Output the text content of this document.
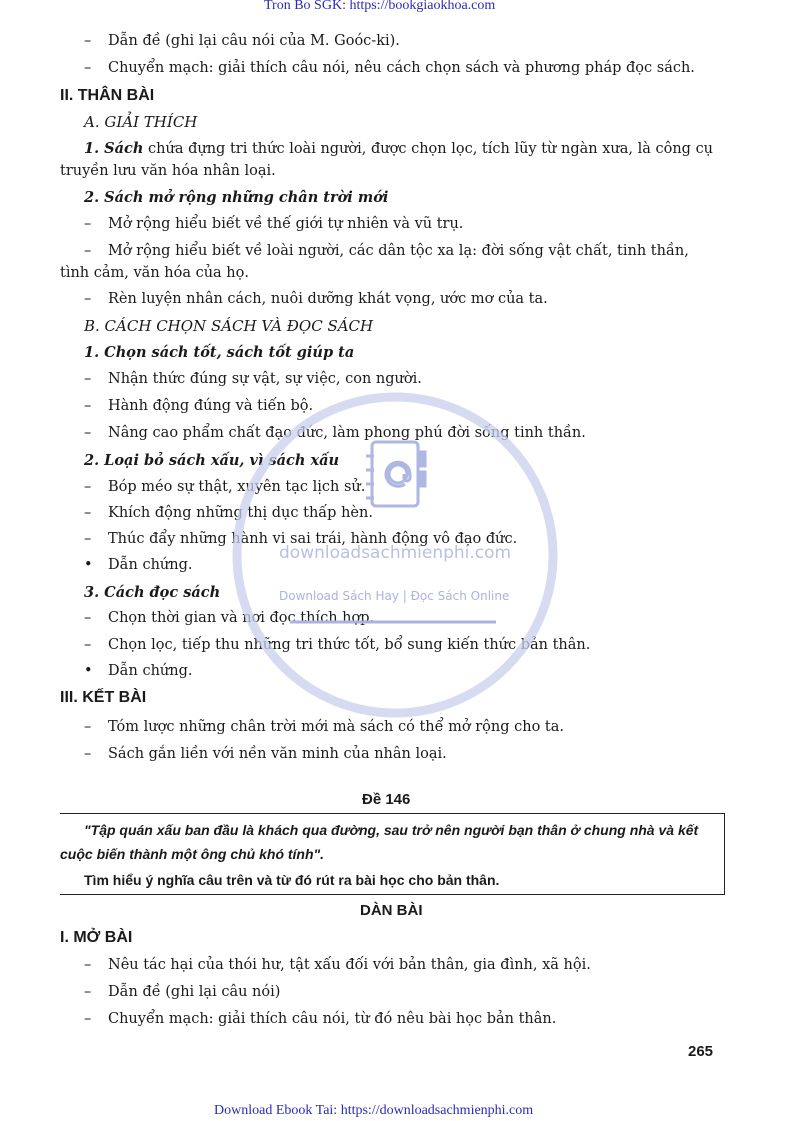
Tron Bo SGK: https://bookgiaokhoa.com
– Dẫn đề (ghi lại câu nói của M. Goóc-ki).
– Chuyển mạch: giải thích câu nói, nêu cách chọn sách và phương pháp đọc sách.
II. THÂN BÀI
A. GIẢI THÍCH
1. Sách chứa đựng tri thức loài người, được chọn lọc, tích lũy từ ngàn xưa, là công cụ
truyền lưu văn hóa nhân loại.
2. Sách mở rộng những chân trời mới
– Mở rộng hiểu biết về thế giới tự nhiên và vũ trụ.
– Mở rộng hiểu biết về loài người, các dân tộc xa lạ: đời sống vật chất, tinh thần,
tình cảm, văn hóa của họ.
– Rèn luyện nhân cách, nuôi dưỡng khát vọng, ước mơ của ta.
B. CÁCH CHỌN SÁCH VÀ ĐỌC SÁCH
1. Chọn sách tốt, sách tốt giúp ta
– Nhận thức đúng sự vật, sự việc, con người.
– Hành động đúng và tiến bộ.
– Nâng cao phẩm chất đạo đức, làm phong phú đời sống tinh thần.
2. Loại bỏ sách xấu, vì sách xấu
– Bóp méo sự thật, xuyên tạc lịch sử.
– Khích động những thị dục thấp hèn.
– Thúc đẩy những hành vi sai trái, hành động vô đạo đức.
• Dẫn chứng.
3. Cách đọc sách
– Chọn thời gian và nơi đọc thích hợp.
– Chọn lọc, tiếp thu những tri thức tốt, bổ sung kiến thức bản thân.
• Dẫn chứng.
III. KẾT BÀI
– Tóm lược những chân trời mới mà sách có thể mở rộng cho ta.
– Sách gắn liền với nền văn minh của nhân loại.
Đề 146
"Tập quán xấu ban đầu là khách qua đường, sau trở nên người bạn thân ở chung nhà và kết
cuộc biến thành một ông chủ khó tính".
Tìm hiểu ý nghĩa câu trên và từ đó rút ra bài học cho bản thân.
DÀN BÀI
I. MỞ BÀI
– Nêu tác hại của thói hư, tật xấu đối với bản thân, gia đình, xã hội.
– Dẫn đề (ghi lại câu nói)
– Chuyển mạch: giải thích câu nói, từ đó nêu bài học bản thân.
265
Download Ebook Tai: https://downloadsachmienphi.com
downloadsachmienphi.com
Download Sách Hay | Đọc Sách Online
